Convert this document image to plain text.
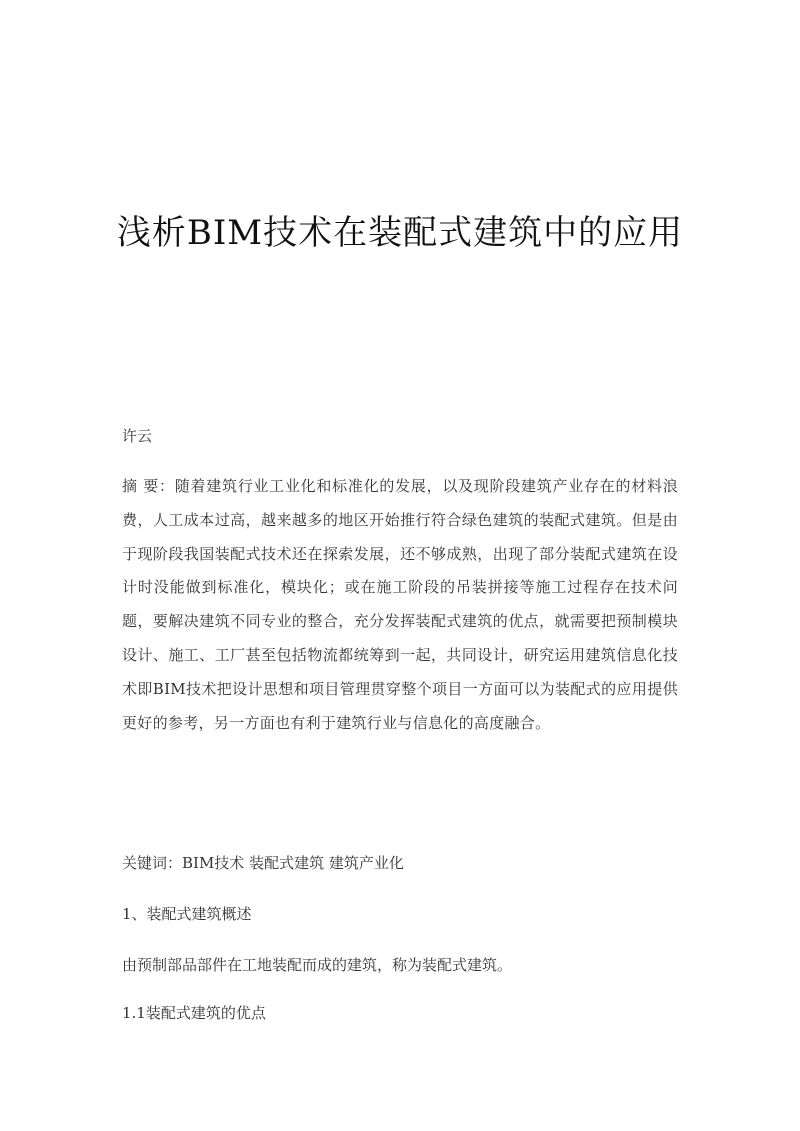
浅析BIM技术在装配式建筑中的应用
许云

摘 要：随着建筑行业工业化和标准化的发展，以及现阶段建筑产业存在的材料浪费，人工成本过高，越来越多的地区开始推行符合绿色建筑的装配式建筑。但是由于现阶段我国装配式技术还在探索发展，还不够成熟，出现了部分装配式建筑在设计时没能做到标准化，模块化；或在施工阶段的吊装拼接等施工过程存在技术问题，要解决建筑不同专业的整合，充分发挥装配式建筑的优点，就需要把预制模块设计、施工、工厂甚至包括物流都统筹到一起，共同设计，研究运用建筑信息化技术即BIM技术把设计思想和项目管理贯穿整个项目一方面可以为装配式的应用提供更好的参考，另一方面也有利于建筑行业与信息化的高度融合。

关键词：BIM技术 装配式建筑 建筑产业化
1、装配式建筑概述
由预制部品部件在工地装配而成的建筑，称为装配式建筑。
1.1装配式建筑的优点
